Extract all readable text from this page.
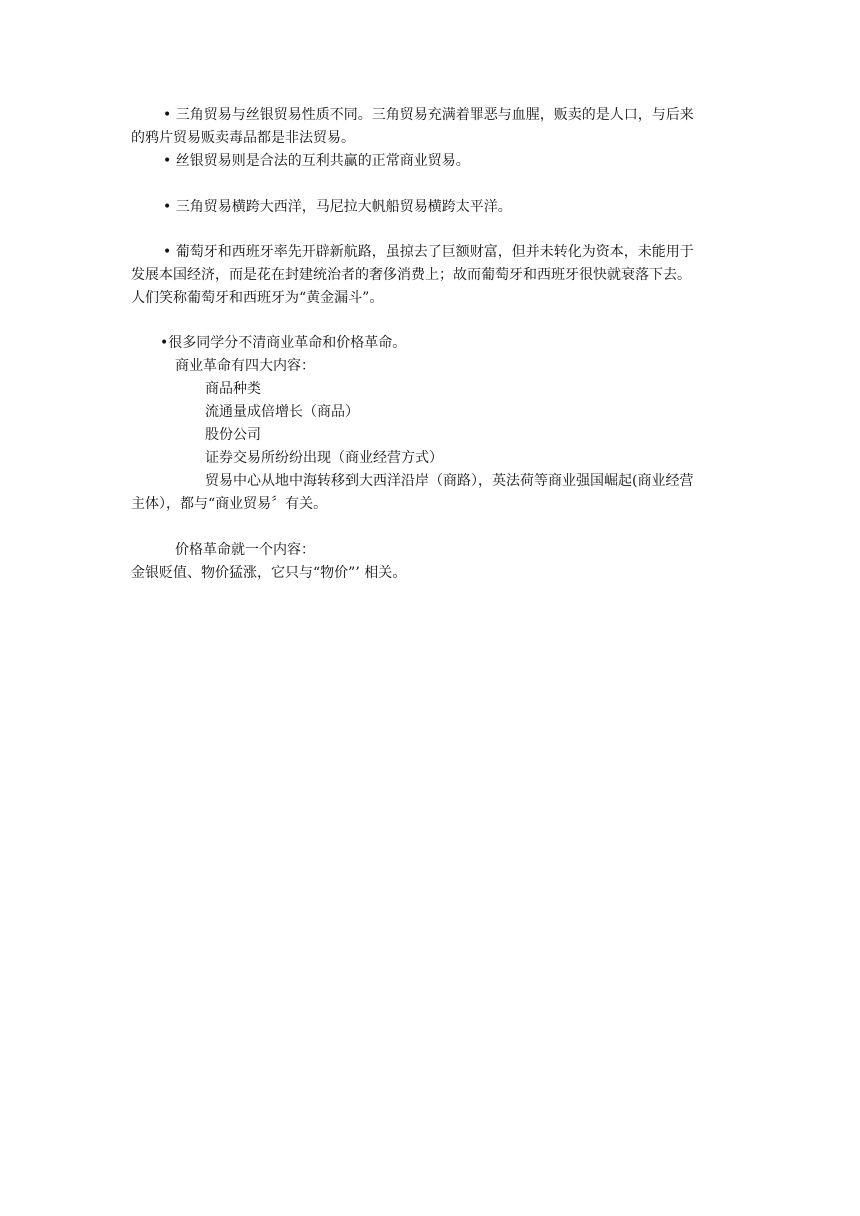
• 三角贸易与丝银贸易性质不同。三角贸易充满着罪恶与血腥，贩卖的是人口，与后来
的鸦片贸易贩卖毒品都是非法贸易。
• 丝银贸易则是合法的互利共赢的正常商业贸易。
• 三角贸易横跨大西洋，马尼拉大帆船贸易横跨太平洋。
• 葡萄牙和西班牙率先开辟新航路，虽掠去了巨额财富，但并未转化为资本，未能用于
发展本国经济，而是花在封建统治者的奢侈消费上；故而葡萄牙和西班牙很快就衰落下去。
人们笑称葡萄牙和西班牙为“黄金漏斗”。
•很多同学分不清商业革命和价格革命。
商业革命有四大内容：
商品种类
流通量成倍增长（商品）
股份公司
证券交易所纷纷出现（商业经营方式）
贸易中心从地中海转移到大西洋沿岸（商路），英法荷等商业强国崛起(商业经营
主体），都与“商业贸易〞有关。
价格革命就一个内容：
金银贬值、物价猛涨，它只与“物价”’ 相关。
